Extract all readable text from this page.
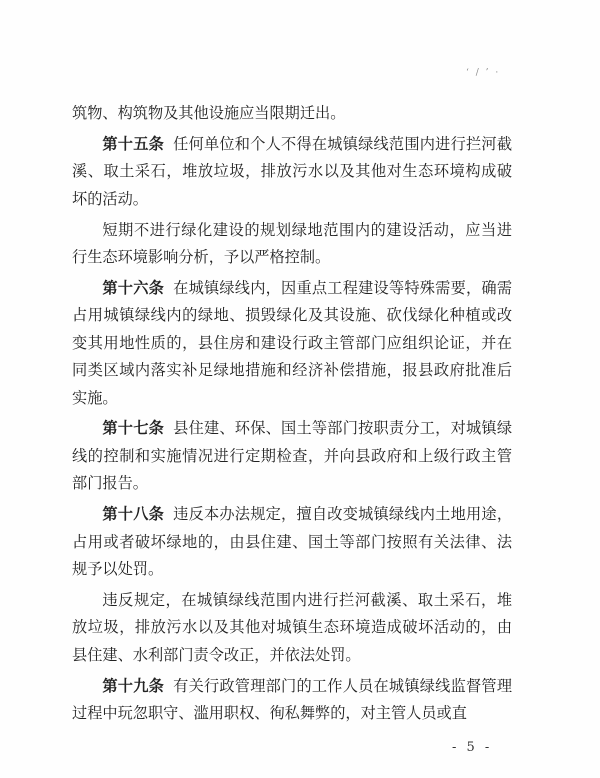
‘ / ’ ·

筑物、构筑物及其他设施应当限期迁出。

第十五条 任何单位和个人不得在城镇绿线范围内进行拦河截溪、取土采石，堆放垃圾，排放污水以及其他对生态环境构成破坏的活动。

短期不进行绿化建设的规划绿地范围内的建设活动，应当进行生态环境影响分析，予以严格控制。

第十六条 在城镇绿线内，因重点工程建设等特殊需要，确需占用城镇绿线内的绿地、损毁绿化及其设施、砍伐绿化种植或改变其用地性质的，县住房和建设行政主管部门应组织论证，并在同类区域内落实补足绿地措施和经济补偿措施，报县政府批准后实施。

第十七条 县住建、环保、国土等部门按职责分工，对城镇绿线的控制和实施情况进行定期检查，并向县政府和上级行政主管部门报告。

第十八条 违反本办法规定，擅自改变城镇绿线内土地用途，占用或者破坏绿地的，由县住建、国土等部门按照有关法律、法规予以处罚。

违反规定，在城镇绿线范围内进行拦河截溪、取土采石，堆放垃圾，排放污水以及其他对城镇生态环境造成破坏活动的，由县住建、水利部门责令改正，并依法处罚。

第十九条 有关行政管理部门的工作人员在城镇绿线监督管理过程中玩忽职守、滥用职权、徇私舞弊的，对主管人员或直

- 5 -
